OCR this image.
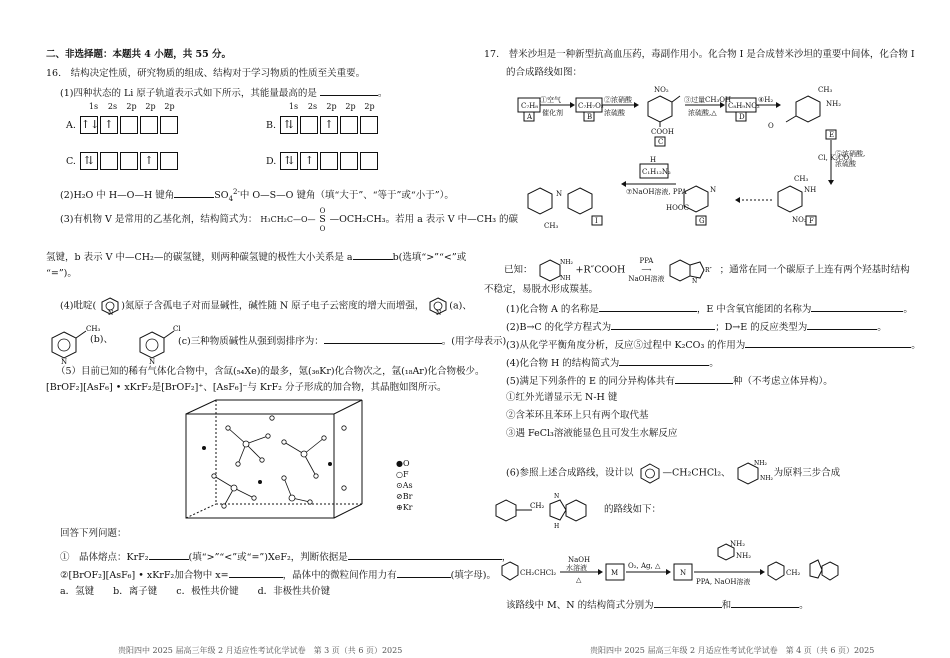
二、非选择题：本题共 4 小题，共 55 分。
16.　结构决定性质，研究物质的组成、结构对于学习物质的性质至关重要。
(1)四种状态的 Li 原子轨道表示式如下所示，其能量最高的是	。
1s 2s 2p 2p 2p	1s 2s 2p 2p 2p
A. ↑↓ ↑	B. ⇅	↑
C. ⇅	↑	D. ⇅ ↑
(2)H₂O 中 H—O—H 键角	$SO_4^{2-}$中 O—S—O 键角（填“大于”、“等于”或“小于”）。
(3)有机物 V 是常用的乙基化剂，结构简式为： H₃CH₂C—O— S
O
O
—OCH₂CH₃。若用 a 表示 V 中—CH₃ 的碳
氢键，b 表示 V 中—CH₂—的碳氢键，则两种碳氢键的极性大小关系是 a	b(选填“>”“<”或
“=”)。
(4)吡啶(
N
)氮原子含孤电子对而显碱性，碱性随 N 原子电子云密度的增大而增强，
N
(a)、
CH₃
N
Cl
N
(b)、	(c)三种物质碱性从强到弱排序为：	。(用字母表示)
（5）目前已知的稀有气体化合物中，含氙(₅₄Xe)的最多，氪(₃₆Kr)化合物次之，氩(₁₈Ar)化合物极少。
[BrOF₂][AsF₆] • xKrF₂是[BrOF₂]⁺、[AsF₆]⁻与 KrF₂ 分子形成的加合物，其晶胞如图所示。
●O
○F
⊙As
⊘Br
⊕Kr
回答下列问题：
①　晶体熔点：KrF₂	(填“>”“<”或“=”)XeF₂，判断依据是	，
②[BrOF₂][AsF₆] • xKrF₂加合物中 x=	，晶体中的微粒间作用力有	(填字母)。
a．氢键　　b．离子键　　c．极性共价键　　d．非极性共价键
贵阳四中 2025 届高三年级 2 月适应性考试化学试卷　第 3 页（共 6 页）2025
17.　替米沙坦是一种新型抗高血压药，毒副作用小。化合物 I 是合成替米沙坦的重要中间体，化合物 I
的合成路线如图：
C₇H₈
A
①空气
催化剂
C₇H₇O₂
B
②浓硝酸
浓硫酸
NO₂
COOH
C
③过量CH₃OH
浓硫酸,△
C₈H₉NO₂
D
④H₂
CH₃
NH₂
O
E
Cl, K₂CO₃
⑤浓硝酸,
浓硫酸
CH₃
NH
NO₂ F
HOOC
N
G
C₁H₁₂N₂
H
⑦NaOH溶液, PPA
N
CH₃
I
已知：
NH₂
NH
+R″COOH PPA
⟶
NaOH溶液
R″
N
；通常在同一个碳原子上连有两个羟基时结构
不稳定，易脱水形成羰基。
(1)化合物 A 的名称是	，E 中含氧官能团的名称为	。
(2)B→C 的化学方程式为	；D→E 的反应类型为	。
(3)从化学平衡角度分析，反应⑤过程中 K₂CO₃ 的作用为	。
(4)化合物 H 的结构简式为	。
(5)满足下列条件的 E 的同分异构体共有	种（不考虑立体异构）。
①红外光谱显示无 N-H 键
②含苯环且苯环上只有两个取代基
③遇 FeCl₃溶液能显色且可发生水解反应
(6)参照上述合成路线，设计以	—CH₂CHCl₂、
NH₂
NH₂ 为原料三步合成
CH₂
H
N
的路线如下：
CH₂CHCl₂
NaOH
水溶液
△
M
O₂, Ag, △
N
NH₂
NH₂
PPA, NaOH溶液
CH₂
该路线中 M、N 的结构简式分别为	和	。
贵阳四中 2025 届高三年级 2 月适应性考试化学试卷　第 4 页（共 6 页）2025
